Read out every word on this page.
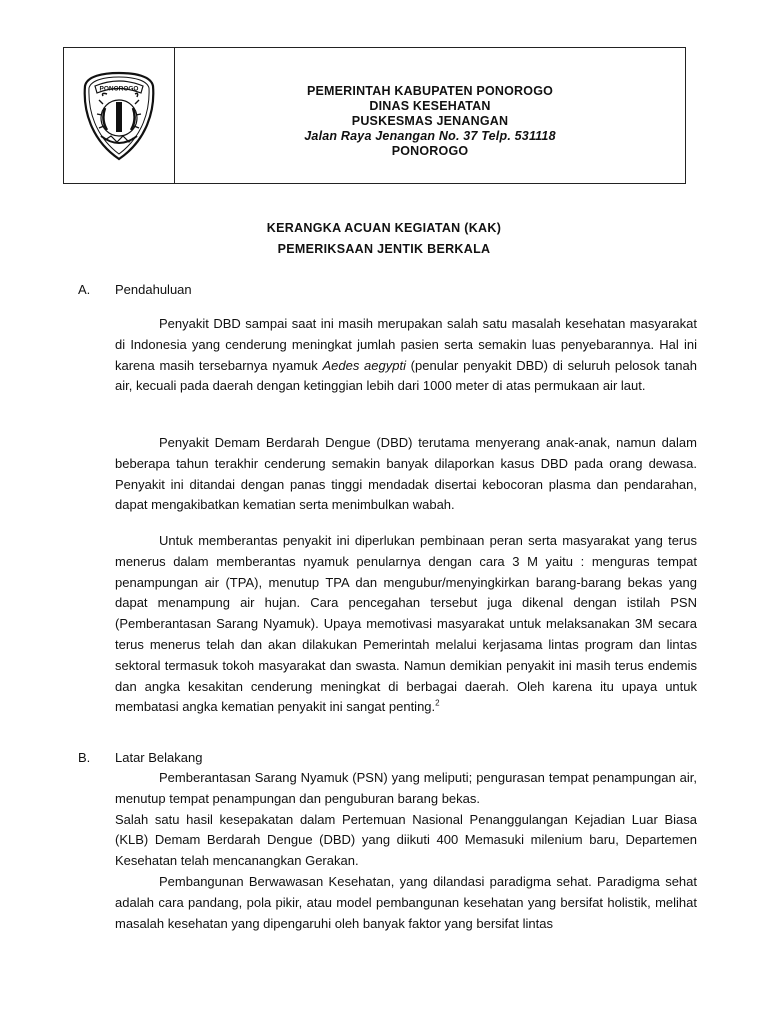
PONOROGO	PEMERINTAH KABUPATEN PONOROGO
DINAS KESEHATAN
PUSKESMAS JENANGAN
Jalan Raya Jenangan No. 37 Telp. 531118
PONOROGO
KERANGKA ACUAN KEGIATAN (KAK)
PEMERIKSAAN JENTIK BERKALA
A. Pendahuluan
Penyakit DBD sampai saat ini masih merupakan salah satu masalah kesehatan masyarakat di Indonesia yang cenderung meningkat jumlah pasien serta semakin luas penyebarannya. Hal ini karena masih tersebarnya nyamuk Aedes aegypti (penular penyakit DBD) di seluruh pelosok tanah air, kecuali pada daerah dengan ketinggian lebih dari 1000 meter di atas permukaan air laut.
Penyakit Demam Berdarah Dengue (DBD) terutama menyerang anak-anak, namun dalam beberapa tahun terakhir cenderung semakin banyak dilaporkan kasus DBD pada orang dewasa. Penyakit ini ditandai dengan panas tinggi mendadak disertai kebocoran plasma dan pendarahan, dapat mengakibatkan kematian serta menimbulkan wabah.
Untuk memberantas penyakit ini diperlukan pembinaan peran serta masyarakat yang terus menerus dalam memberantas nyamuk penularnya dengan cara 3 M yaitu : menguras tempat penampungan air (TPA), menutup TPA dan mengubur/menyingkirkan barang-barang bekas yang dapat menampung air hujan. Cara pencegahan tersebut juga dikenal dengan istilah PSN (Pemberantasan Sarang Nyamuk). Upaya memotivasi masyarakat untuk melaksanakan 3M secara terus menerus telah dan akan dilakukan Pemerintah melalui kerjasama lintas program dan lintas sektoral termasuk tokoh masyarakat dan swasta. Namun demikian penyakit ini masih terus endemis dan angka kesakitan cenderung meningkat di berbagai daerah. Oleh karena itu upaya untuk membatasi angka kematian penyakit ini sangat penting.$^2$
B. Latar Belakang
Pemberantasan Sarang Nyamuk (PSN) yang meliputi; pengurasan tempat penampungan air, menutup tempat penampungan dan penguburan barang bekas.
Salah satu hasil kesepakatan dalam Pertemuan Nasional Penanggulangan Kejadian Luar Biasa (KLB) Demam Berdarah Dengue (DBD) yang diikuti 400 Memasuki milenium baru, Departemen Kesehatan telah mencanangkan Gerakan.
Pembangunan Berwawasan Kesehatan, yang dilandasi paradigma sehat. Paradigma sehat adalah cara pandang, pola pikir, atau model pembangunan kesehatan yang bersifat holistik, melihat masalah kesehatan yang dipengaruhi oleh banyak faktor yang bersifat lintas
